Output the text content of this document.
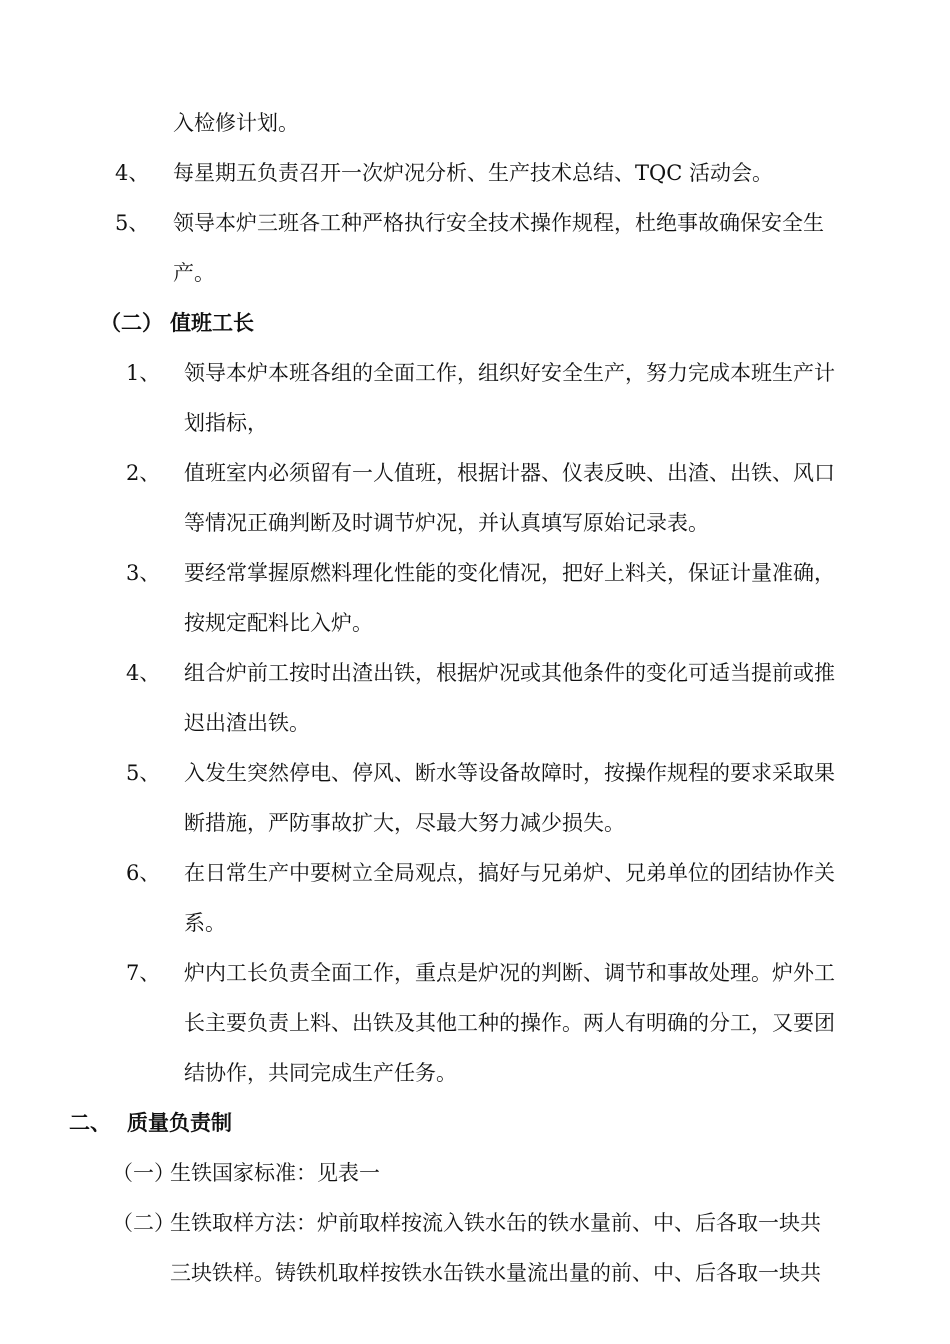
入检修计划。
4、 每星期五负责召开一次炉况分析、生产技术总结、TQC 活动会。
5、 领导本炉三班各工种严格执行安全技术操作规程，杜绝事故确保安全生
产。
（二） 值班工长
1、 领导本炉本班各组的全面工作，组织好安全生产，努力完成本班生产计
划指标，
2、 值班室内必须留有一人值班，根据计器、仪表反映、出渣、出铁、风口
等情况正确判断及时调节炉况，并认真填写原始记录表。
3、 要经常掌握原燃料理化性能的变化情况，把好上料关，保证计量准确，
按规定配料比入炉。
4、 组合炉前工按时出渣出铁，根据炉况或其他条件的变化可适当提前或推
迟出渣出铁。
5、 入发生突然停电、停风、断水等设备故障时，按操作规程的要求采取果
断措施，严防事故扩大，尽最大努力减少损失。
6、 在日常生产中要树立全局观点，搞好与兄弟炉、兄弟单位的团结协作关
系。
7、 炉内工长负责全面工作，重点是炉况的判断、调节和事故处理。炉外工
长主要负责上料、出铁及其他工种的操作。两人有明确的分工，又要团
结协作，共同完成生产任务。
二、 质量负责制
（一）
生铁国家标准：见表一
（二）
生铁取样方法：炉前取样按流入铁水缶的铁水量前、中、后各取一块共
三块铁样。铸铁机取样按铁水缶铁水量流出量的前、中、后各取一块共
